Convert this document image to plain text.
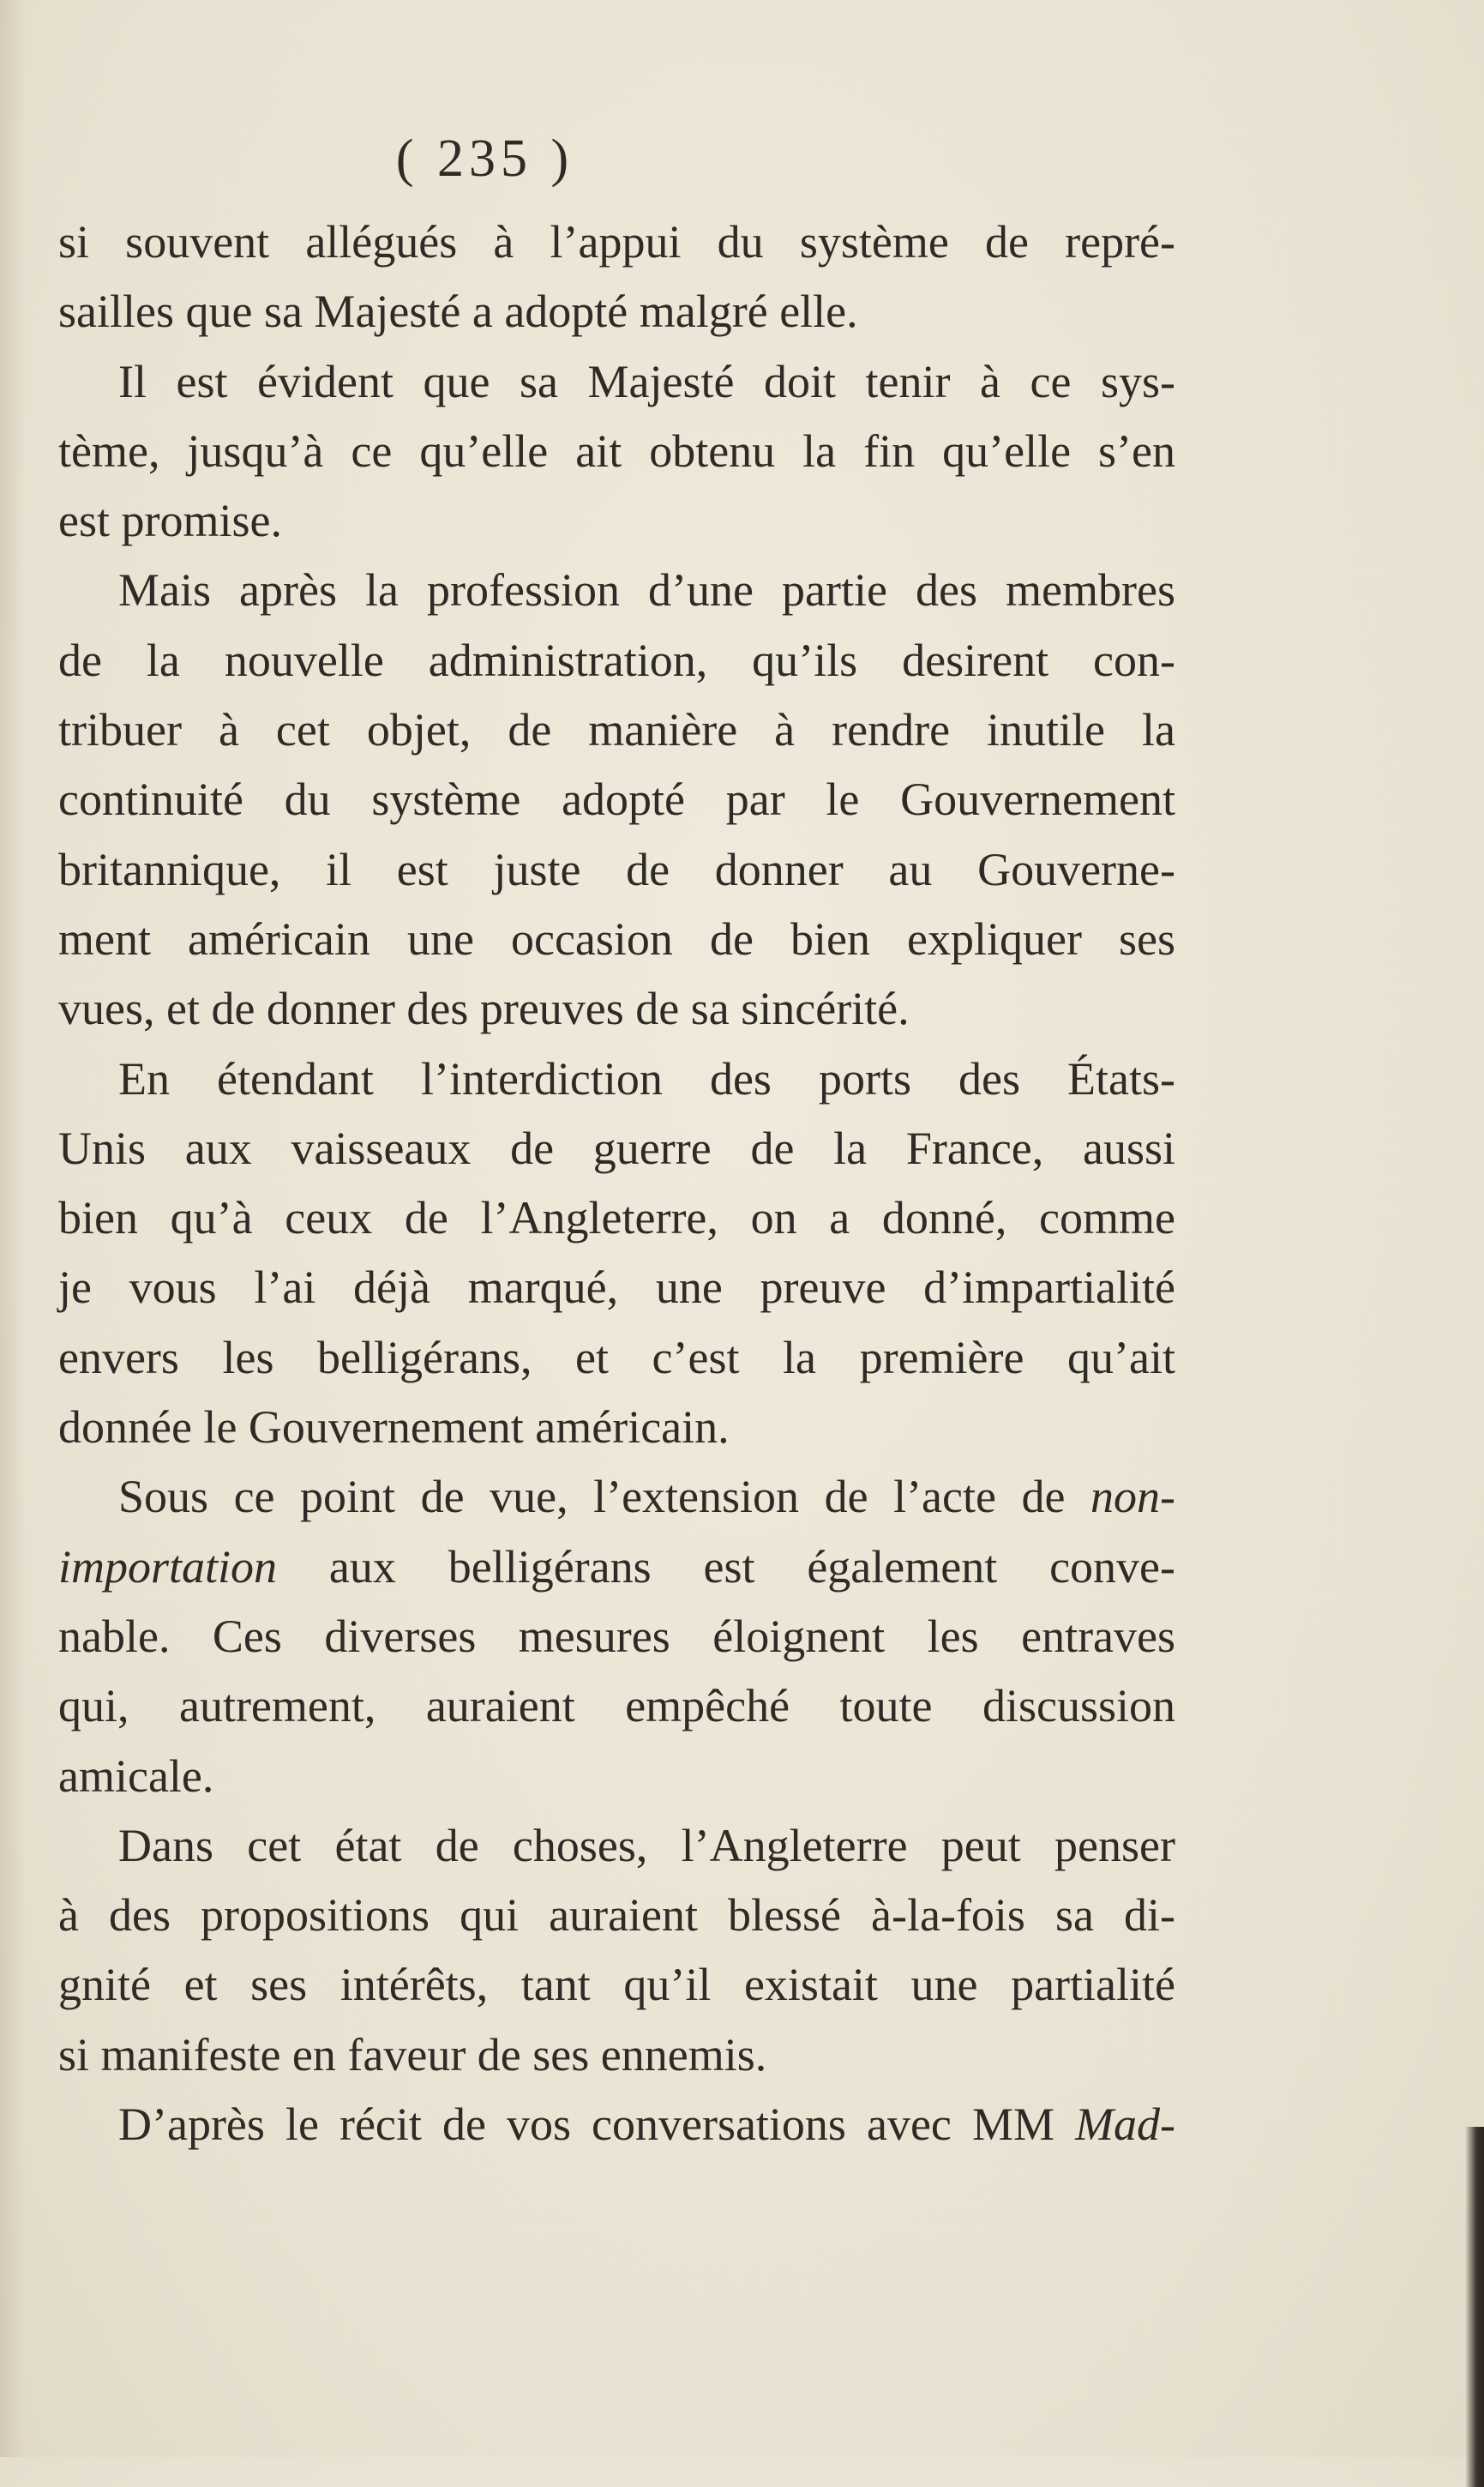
( 235 )
si souvent allégués à l’appui du système de repré-
sailles que sa Majesté a adopté malgré elle.
Il est évident que sa Majesté doit tenir à ce sys-
tème, jusqu’à ce qu’elle ait obtenu la fin qu’elle s’en
est promise.
Mais après la profession d’une partie des membres
de la nouvelle administration, qu’ils desirent con-
tribuer à cet objet, de manière à rendre inutile la
continuité du système adopté par le Gouvernement
britannique, il est juste de donner au Gouverne-
ment américain une occasion de bien expliquer ses
vues, et de donner des preuves de sa sincérité.
En étendant l’interdiction des ports des États-
Unis aux vaisseaux de guerre de la France, aussi
bien qu’à ceux de l’Angleterre, on a donné, comme
je vous l’ai déjà marqué, une preuve d’impartialité
envers les belligérans, et c’est la première qu’ait
donnée le Gouvernement américain.
Sous ce point de vue, l’extension de l’acte de non-
importation aux belligérans est également conve-
nable. Ces diverses mesures éloignent les entraves
qui, autrement, auraient empêché toute discussion
amicale.
Dans cet état de choses, l’Angleterre peut penser
à des propositions qui auraient blessé à-la-fois sa di-
gnité et ses intérêts, tant qu’il existait une partialité
si manifeste en faveur de ses ennemis.
D’après le récit de vos conversations avec MM Mad-
